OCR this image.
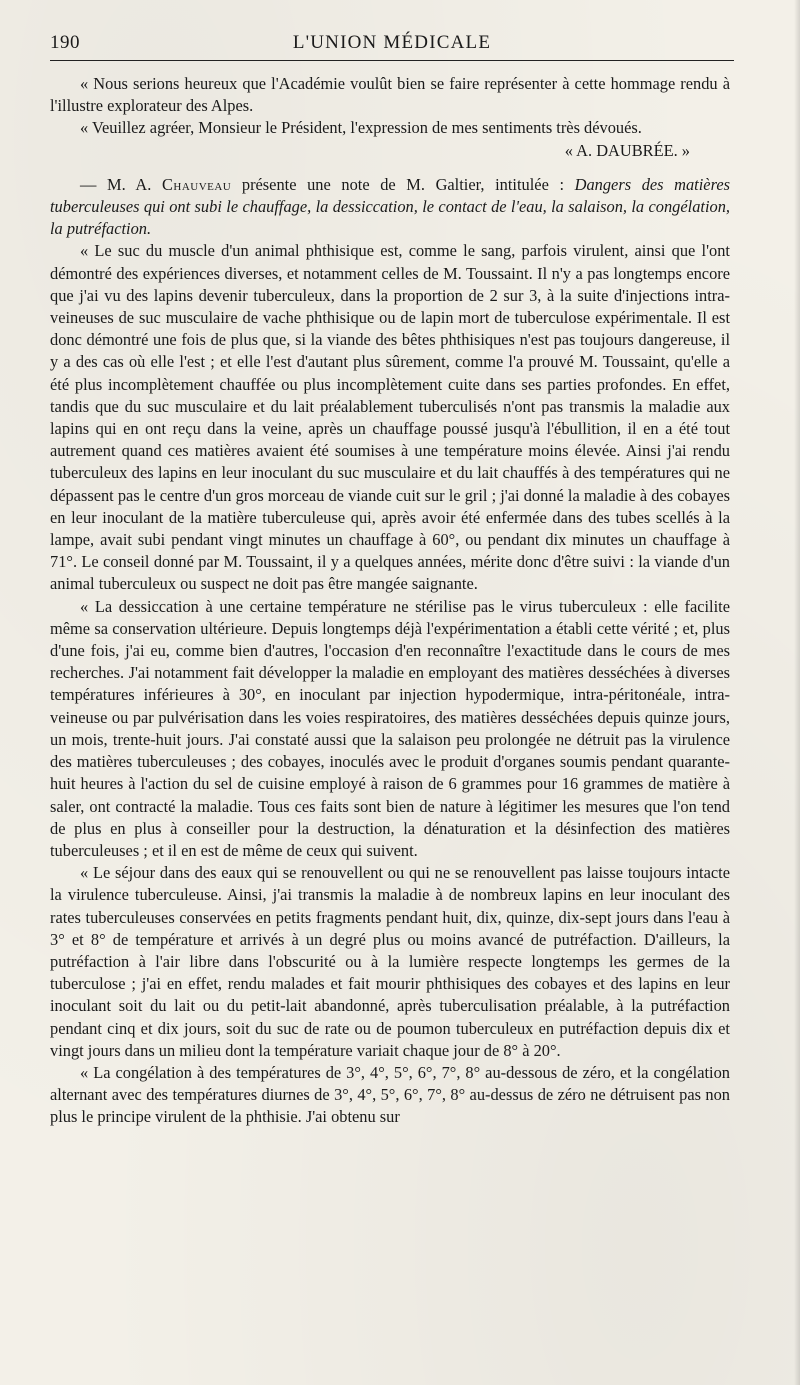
190	L'UNION MÉDICALE

« Nous serions heureux que l'Académie voulût bien se faire représenter à cette hommage rendu à l'illustre explorateur des Alpes.

« Veuillez agréer, Monsieur le Président, l'expression de mes sentiments très dévoués.

« A. DAUBRÉE. »

— M. A. Chauveau présente une note de M. Galtier, intitulée : Dangers des matières tuberculeuses qui ont subi le chauffage, la dessiccation, le contact de l'eau, la salaison, la congélation, la putréfaction.

« Le suc du muscle d'un animal phthisique est, comme le sang, parfois virulent, ainsi que l'ont démontré des expériences diverses, et notamment celles de M. Toussaint. Il n'y a pas longtemps encore que j'ai vu des lapins devenir tuberculeux, dans la proportion de 2 sur 3, à la suite d'injections intra-veineuses de suc musculaire de vache phthisique ou de lapin mort de tuberculose expérimentale. Il est donc démontré une fois de plus que, si la viande des bêtes phthisiques n'est pas toujours dangereuse, il y a des cas où elle l'est ; et elle l'est d'autant plus sûrement, comme l'a prouvé M. Toussaint, qu'elle a été plus incomplètement chauffée ou plus incomplètement cuite dans ses parties profondes. En effet, tandis que du suc musculaire et du lait préalablement tuberculisés n'ont pas transmis la maladie aux lapins qui en ont reçu dans la veine, après un chauffage poussé jusqu'à l'ébullition, il en a été tout autrement quand ces matières avaient été soumises à une température moins élevée. Ainsi j'ai rendu tuberculeux des lapins en leur inoculant du suc musculaire et du lait chauffés à des températures qui ne dépassent pas le centre d'un gros morceau de viande cuit sur le gril ; j'ai donné la maladie à des cobayes en leur inoculant de la matière tuberculeuse qui, après avoir été enfermée dans des tubes scellés à la lampe, avait subi pendant vingt minutes un chauffage à 60°, ou pendant dix minutes un chauffage à 71°. Le conseil donné par M. Toussaint, il y a quelques années, mérite donc d'être suivi : la viande d'un animal tuberculeux ou suspect ne doit pas être mangée saignante.

« La dessiccation à une certaine température ne stérilise pas le virus tuberculeux : elle facilite même sa conservation ultérieure. Depuis longtemps déjà l'expérimentation a établi cette vérité ; et, plus d'une fois, j'ai eu, comme bien d'autres, l'occasion d'en reconnaître l'exactitude dans le cours de mes recherches. J'ai notamment fait développer la maladie en employant des matières desséchées à diverses températures inférieures à 30°, en inoculant par injection hypodermique, intra-péritonéale, intra-veineuse ou par pulvérisation dans les voies respiratoires, des matières desséchées depuis quinze jours, un mois, trente-huit jours. J'ai constaté aussi que la salaison peu prolongée ne détruit pas la virulence des matières tuberculeuses ; des cobayes, inoculés avec le produit d'organes soumis pendant quarante-huit heures à l'action du sel de cuisine employé à raison de 6 grammes pour 16 grammes de matière à saler, ont contracté la maladie. Tous ces faits sont bien de nature à légitimer les mesures que l'on tend de plus en plus à conseiller pour la destruction, la dénaturation et la désinfection des matières tuberculeuses ; et il en est de même de ceux qui suivent.

« Le séjour dans des eaux qui se renouvellent ou qui ne se renouvellent pas laisse toujours intacte la virulence tuberculeuse. Ainsi, j'ai transmis la maladie à de nombreux lapins en leur inoculant des rates tuberculeuses conservées en petits fragments pendant huit, dix, quinze, dix-sept jours dans l'eau à 3° et 8° de température et arrivés à un degré plus ou moins avancé de putréfaction. D'ailleurs, la putréfaction à l'air libre dans l'obscurité ou à la lumière respecte longtemps les germes de la tuberculose ; j'ai en effet, rendu malades et fait mourir phthisiques des cobayes et des lapins en leur inoculant soit du lait ou du petit-lait abandonné, après tuberculisation préalable, à la putréfaction pendant cinq et dix jours, soit du suc de rate ou de poumon tuberculeux en putréfaction depuis dix et vingt jours dans un milieu dont la température variait chaque jour de 8° à 20°.

« La congélation à des températures de 3°, 4°, 5°, 6°, 7°, 8° au-dessous de zéro, et la congélation alternant avec des températures diurnes de 3°, 4°, 5°, 6°, 7°, 8° au-dessus de zéro ne détruisent pas non plus le principe virulent de la phthisie. J'ai obtenu sur
